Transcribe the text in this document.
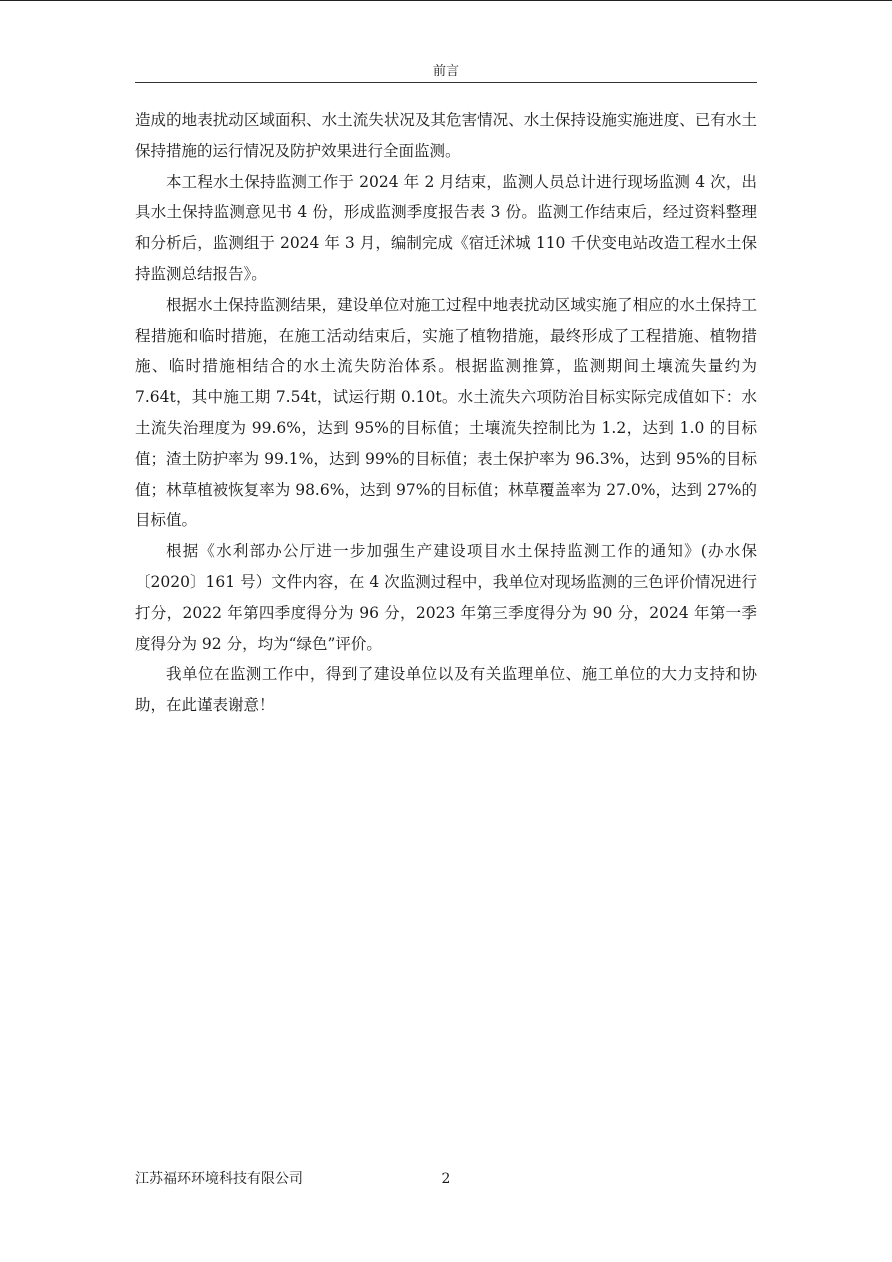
前言

造成的地表扰动区域面积、水土流失状况及其危害情况、水土保持设施实施进度、已有水土保持措施的运行情况及防护效果进行全面监测。

本工程水土保持监测工作于 2024 年 2 月结束，监测人员总计进行现场监测 4 次，出具水土保持监测意见书 4 份，形成监测季度报告表 3 份。监测工作结束后，经过资料整理和分析后，监测组于 2024 年 3 月，编制完成《宿迁沭城 110 千伏变电站改造工程水土保持监测总结报告》。

根据水土保持监测结果，建设单位对施工过程中地表扰动区域实施了相应的水土保持工程措施和临时措施，在施工活动结束后，实施了植物措施，最终形成了工程措施、植物措施、临时措施相结合的水土流失防治体系。根据监测推算，监测期间土壤流失量约为 7.64t，其中施工期 7.54t，试运行期 0.10t。水土流失六项防治目标实际完成值如下：水土流失治理度为 99.6%，达到 95%的目标值；土壤流失控制比为 1.2，达到 1.0 的目标值；渣土防护率为 99.1%，达到 99%的目标值；表土保护率为 96.3%，达到 95%的目标值；林草植被恢复率为 98.6%，达到 97%的目标值；林草覆盖率为 27.0%，达到 27%的目标值。

根据《水利部办公厅进一步加强生产建设项目水土保持监测工作的通知》(办水保〔2020〕161 号）文件内容，在 4 次监测过程中，我单位对现场监测的三色评价情况进行打分，2022 年第四季度得分为 96 分，2023 年第三季度得分为 90 分，2024 年第一季度得分为 92 分，均为“绿色”评价。

我单位在监测工作中，得到了建设单位以及有关监理单位、施工单位的大力支持和协助，在此谨表谢意！

江苏福环环境科技有限公司	2
